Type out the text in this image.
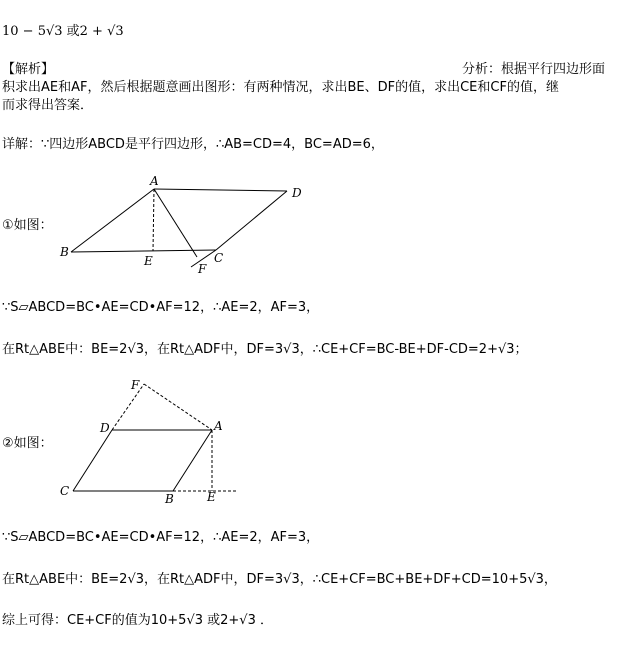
10 − 5√3 或2 + √3
【解析】	分析：根据平行四边形面
积求出AE和AF，然后根据题意画出图形：有两种情况，求出BE、DF的值，求出CE和CF的值，继
而求得出答案．
详解：∵四边形ABCD是平行四边形，∴AB=CD=4，BC=AD=6，
①如图：
A
D
B
E	C
F
∵S▱ABCD=BC•AE=CD•AF=12，∴AE=2，AF=3，
在Rt△ABE中：BE=2√3，在Rt△ADF中，DF=3√3，∴CE+CF=BC-BE+DF-CD=2+√3；
②如图：
F
D	A
C
B	E
∵S▱ABCD=BC•AE=CD•AF=12，∴AE=2，AF=3，
在Rt△ABE中：BE=2√3，在Rt△ADF中，DF=3√3，∴CE+CF=BC+BE+DF+CD=10+5√3，
综上可得：CE+CF的值为10+5√3 或2+√3 ．
